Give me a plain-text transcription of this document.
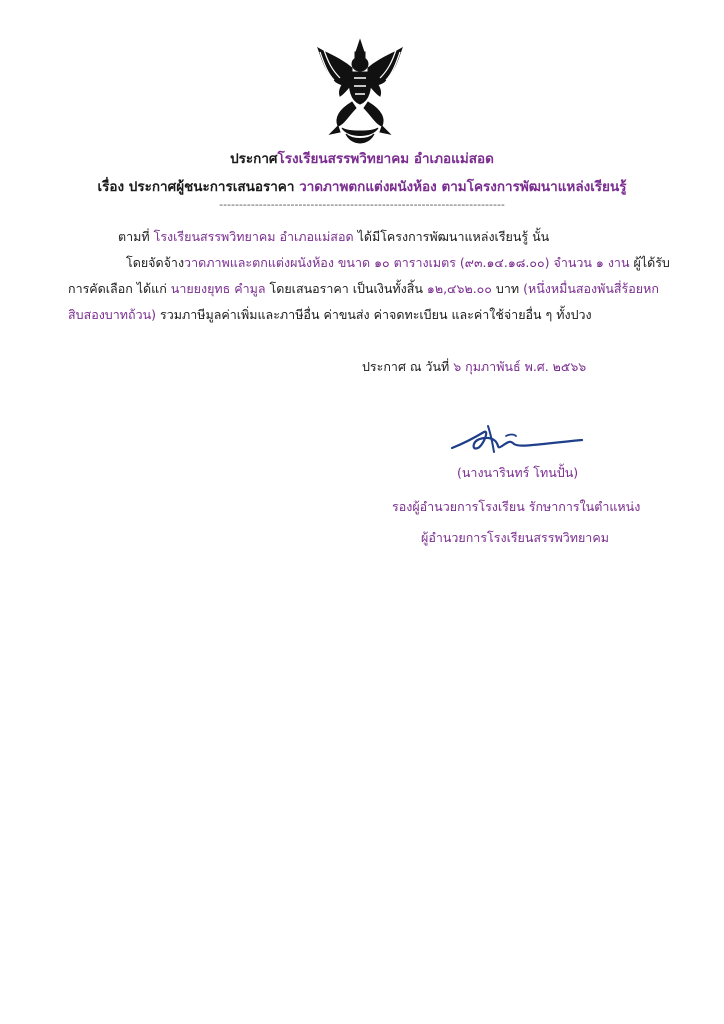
ประกาศโรงเรียนสรรพวิทยาคม อำเภอแม่สอด
เรื่อง ประกาศผู้ชนะการเสนอราคา วาดภาพตกแต่งผนังห้อง ตามโครงการพัฒนาแหล่งเรียนรู้
------------------------------------------------------------------------
ตามที่ โรงเรียนสรรพวิทยาคม อำเภอแม่สอด ได้มีโครงการพัฒนาแหล่งเรียนรู้ นั้น
โดยจัดจ้างวาดภาพและตกแต่งผนังห้อง ขนาด ๑๐ ตารางเมตร (๙๓.๑๔.๑๘.๐๐) จำนวน ๑ งาน ผู้ได้รับ
การคัดเลือก ได้แก่ นายยงยุทธ คำมูล โดยเสนอราคา เป็นเงินทั้งสิ้น ๑๒,๔๖๒.๐๐ บาท (หนึ่งหมื่นสองพันสี่ร้อยหก
สิบสองบาทถ้วน) รวมภาษีมูลค่าเพิ่มและภาษีอื่น ค่าขนส่ง ค่าจดทะเบียน และค่าใช้จ่ายอื่น ๆ ทั้งปวง
ประกาศ ณ วันที่ ๖ กุมภาพันธ์ พ.ศ. ๒๕๖๖
(นางนารินทร์ โทนปั้น)
รองผู้อำนวยการโรงเรียน รักษาการในตำแหน่ง
ผู้อำนวยการโรงเรียนสรรพวิทยาคม
